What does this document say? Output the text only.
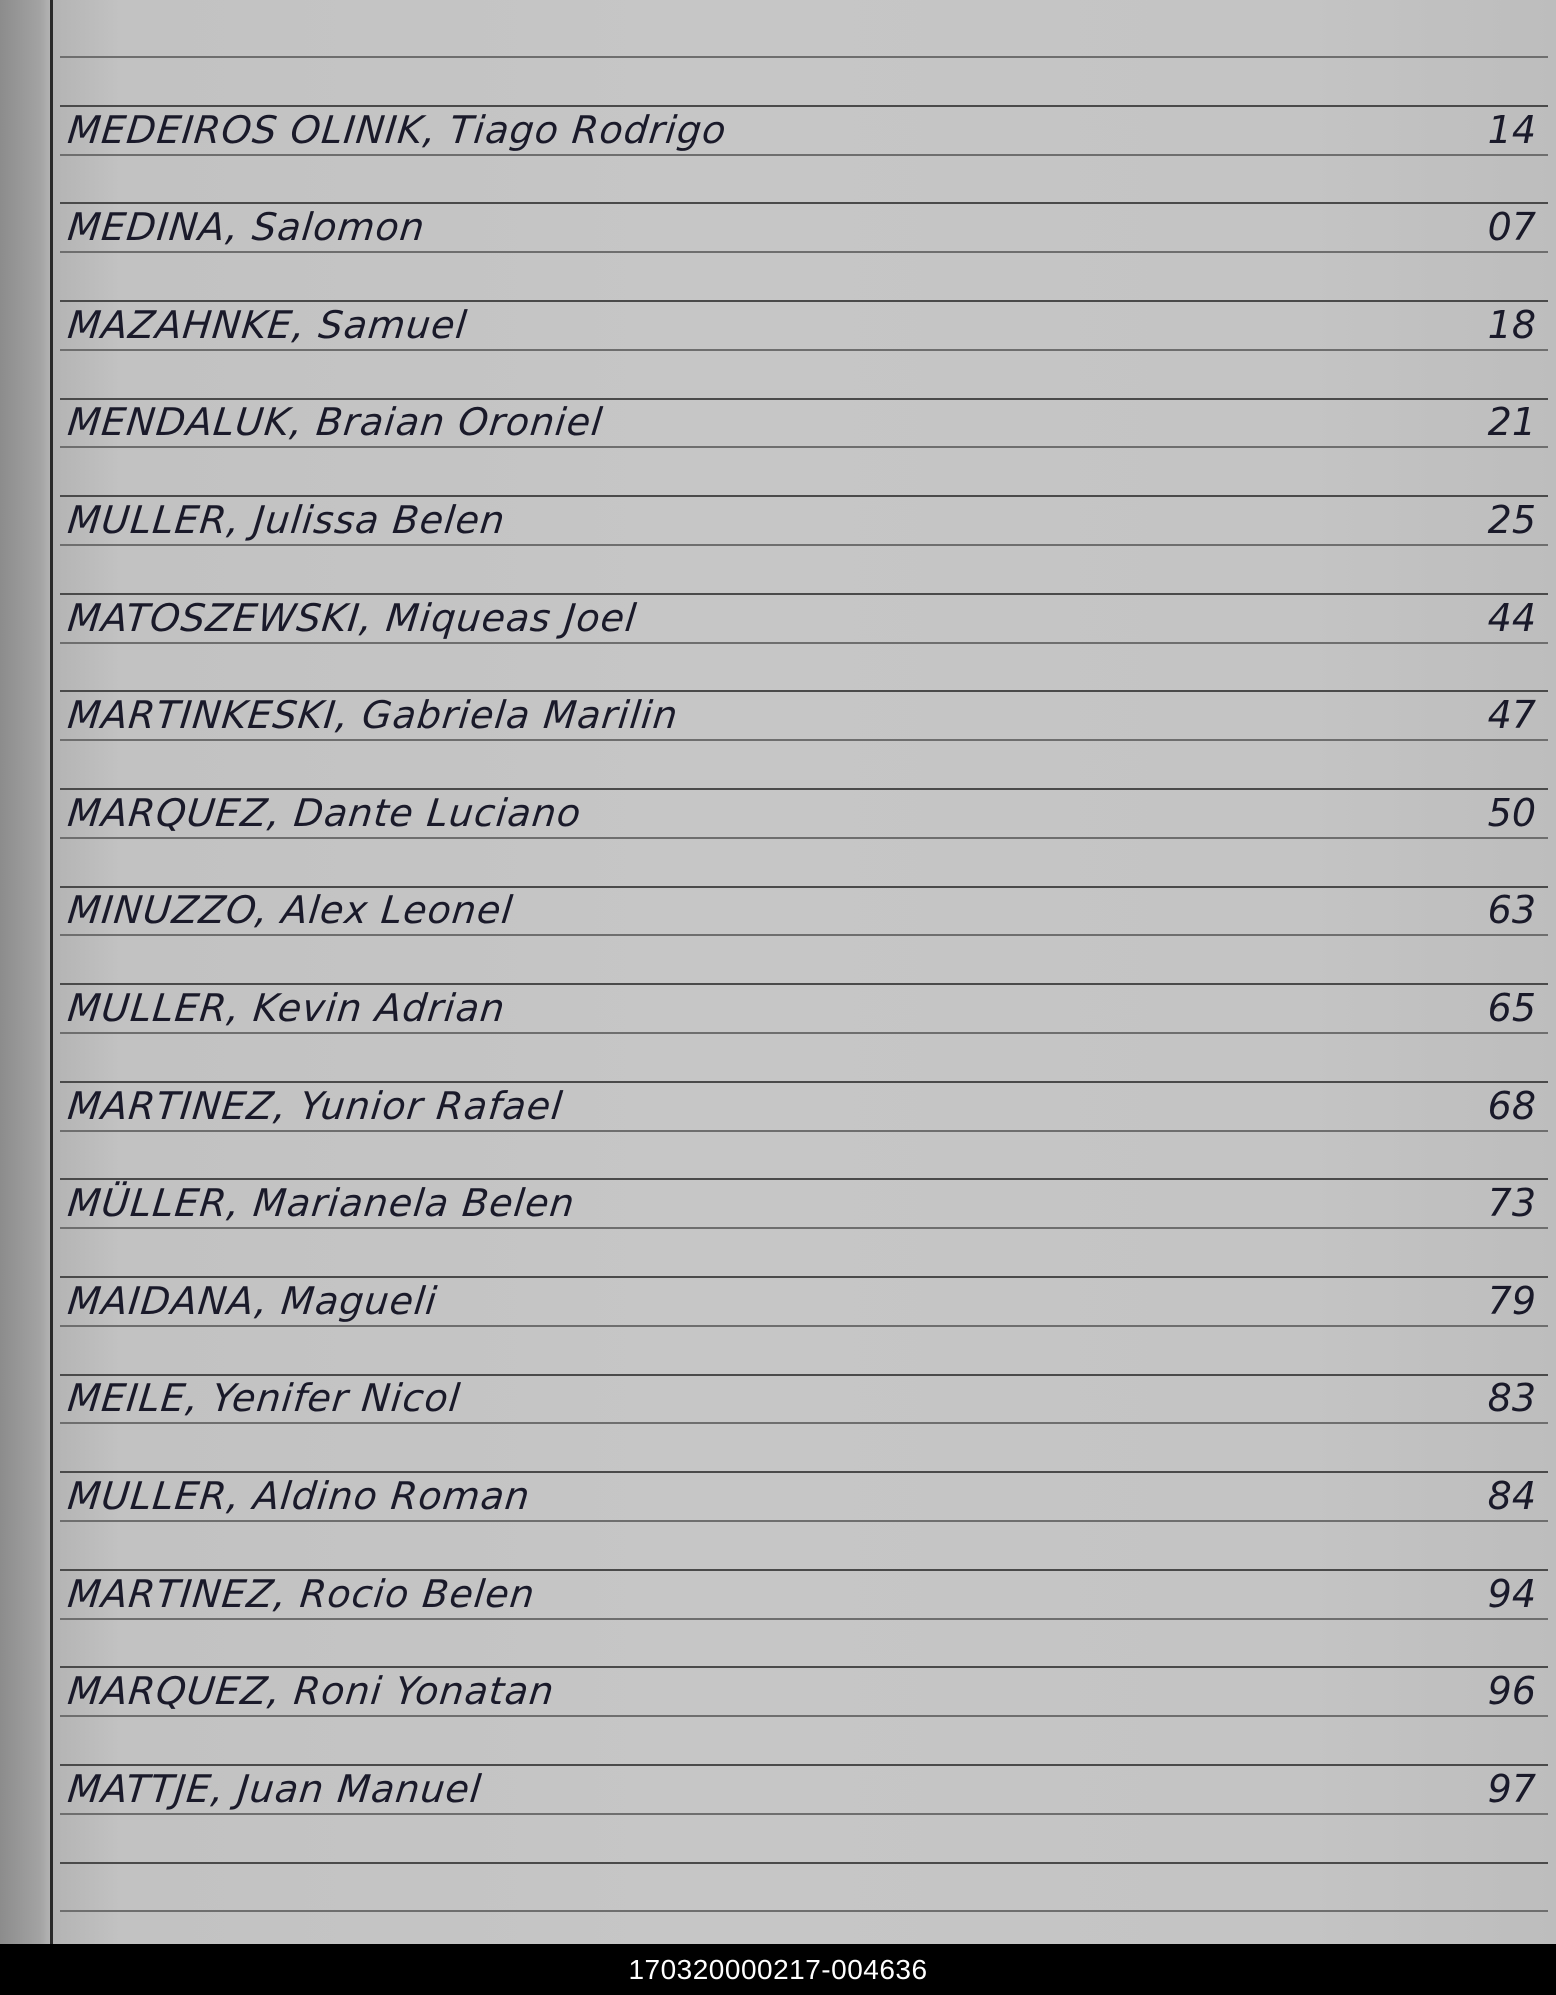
MEDEIROS OLINIK, Tiago Rodrigo	14
MEDINA, Salomon	07
MAZAHNKE, Samuel	18
MENDALUK, Braian Oroniel	21
MULLER, Julissa Belen	25
MATOSZEWSKI, Miqueas Joel	44
MARTINKESKI, Gabriela Marilin	47
MARQUEZ, Dante Luciano	50
MINUZZO, Alex Leonel	63
MULLER, Kevin Adrian	65
MARTINEZ, Yunior Rafael	68
MÜLLER, Marianela Belen	73
MAIDANA, Magueli	79
MEILE, Yenifer Nicol	83
MULLER, Aldino Roman	84
MARTINEZ, Rocio Belen	94
MARQUEZ, Roni Yonatan	96
MATTJE, Juan Manuel	97
170320000217-004636
